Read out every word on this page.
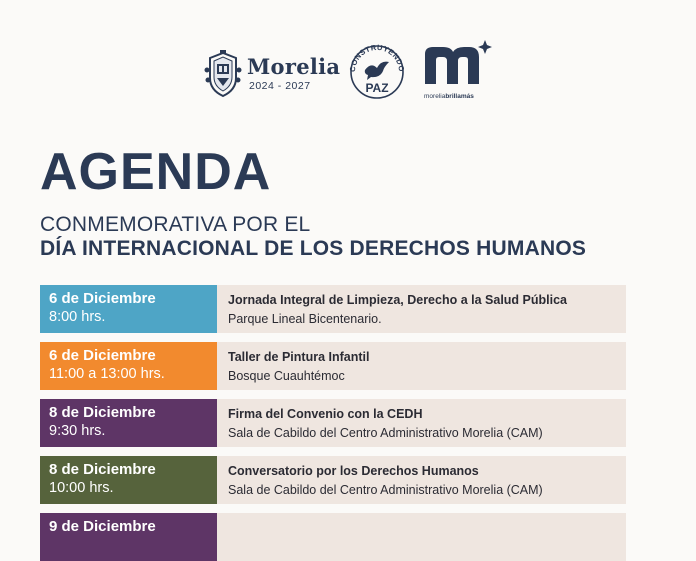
Morelia
2024 - 2027
CONSTRUYENDO
PAZ
moreliabrillamás
AGENDA
CONMEMORATIVA POR EL
DÍA INTERNACIONAL DE LOS DERECHOS HUMANOS
6 de Diciembre
8:00 hrs.
Jornada Integral de Limpieza, Derecho a la Salud Pública
Parque Lineal Bicentenario.
6 de Diciembre
11:00 a 13:00 hrs.
Taller de Pintura Infantil
Bosque Cuauhtémoc
8 de Diciembre
9:30 hrs.
Firma del Convenio con la CEDH
Sala de Cabildo del Centro Administrativo Morelia (CAM)
8 de Diciembre
10:00 hrs.
Conversatorio por los Derechos Humanos
Sala de Cabildo del Centro Administrativo Morelia (CAM)
9 de Diciembre
